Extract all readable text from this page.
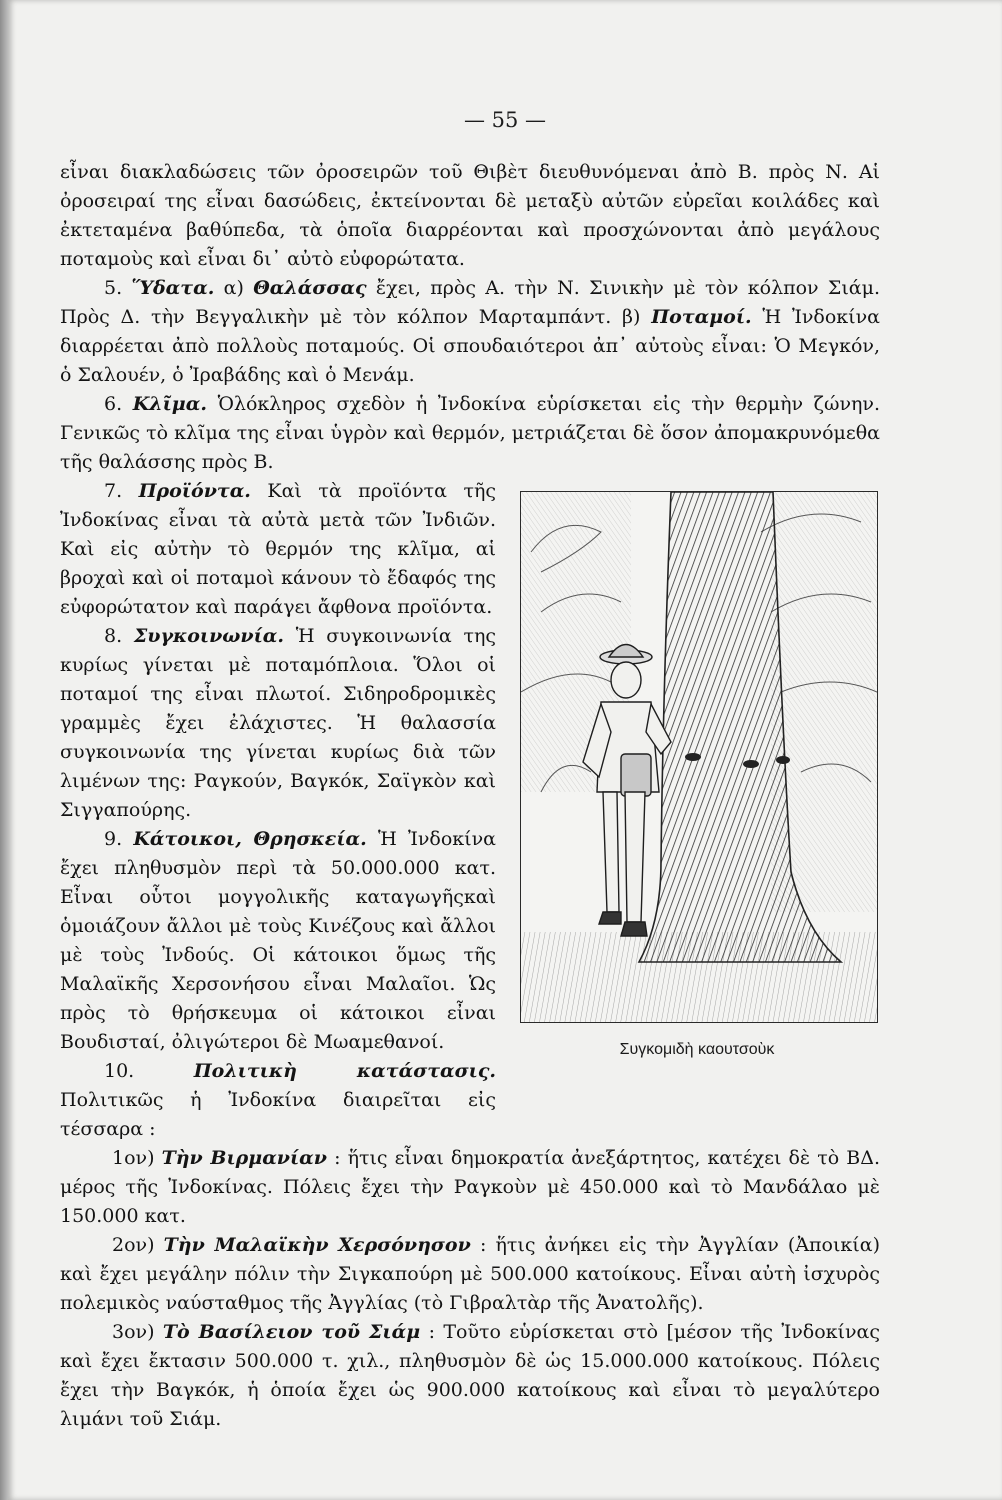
— 55 —

εἶναι διακλαδώσεις τῶν ὀροσειρῶν τοῦ Θιβὲτ διευθυνόμεναι ἀπὸ Β. πρὸς Ν. Αἱ ὀροσειραί της εἶναι δασώδεις, ἐκτείνονται δὲ μεταξὺ αὐτῶν εὐρεῖαι κοιλάδες καὶ ἐκτεταμένα βαθύπεδα, τὰ ὁποῖα διαρρέονται καὶ προσχώνονται ἀπὸ μεγάλους ποταμοὺς καὶ εἶναι δι᾽ αὐτὸ εὐφορώτατα.

5. Ὕδατα. α) Θαλάσσας ἔχει, πρὸς Α. τὴν Ν. Σινικὴν μὲ τὸν κόλπον Σιάμ. Πρὸς Δ. τὴν Βεγγαλικὴν μὲ τὸν κόλπον Μαρταμπάντ. β) Ποταμοί. Ἡ Ἰνδοκίνα διαρρέεται ἀπὸ πολλοὺς ποταμούς. Οἱ σπουδαιότεροι ἀπ᾽ αὐτοὺς εἶναι: Ὁ Μεγκόν, ὁ Σαλουέν, ὁ Ἰραβάδης καὶ ὁ Μενάμ.

6. Κλῖμα. Ὁλόκληρος σχεδὸν ἡ Ἰνδοκίνα εὑρίσκεται εἰς τὴν θερμὴν ζώνην. Γενικῶς τὸ κλῖμα της εἶναι ὑγρὸν καὶ θερμόν, μετριάζεται δὲ ὅσον ἀπομακρυνόμεθα τῆς θαλάσσης πρὸς Β.

Συγκομιδὴ καουτσοὺκ

7. Προϊόντα. Καὶ τὰ προϊόντα τῆς Ἰνδοκίνας εἶναι τὰ αὐτὰ μετὰ τῶν Ἰνδιῶν. Καὶ εἰς αὐτὴν τὸ θερμόν της κλῖμα, αἱ βροχαὶ καὶ οἱ ποταμοὶ κάνουν τὸ ἔδαφός της εὐφορώτατον καὶ παράγει ἄφθονα προϊόντα.

8. Συγκοινωνία. Ἡ συγκοινωνία της κυρίως γίνεται μὲ ποταμόπλοια. Ὅλοι οἱ ποταμοί της εἶναι πλωτοί. Σιδηροδρομικὲς γραμμὲς ἔχει ἐλάχιστες. Ἡ θαλασσία συγκοινωνία της γίνεται κυρίως διὰ τῶν λιμένων της: Ραγκούν, Βαγκόκ, Σαϊγκὸν καὶ Σιγγαπούρης.

9. Κάτοικοι, Θρησκεία. Ἡ Ἰνδοκίνα ἔχει πληθυσμὸν περὶ τὰ 50.000.000 κατ. Εἶναι οὗτοι μογγολικῆς καταγωγῆςκαὶ ὁμοιάζουν ἄλλοι μὲ τοὺς Κινέζους καὶ ἄλλοι μὲ τοὺς Ἰνδούς. Οἱ κάτοικοι ὅμως τῆς Μαλαϊκῆς Χερσονήσου εἶναι Μαλαῖοι. Ὡς πρὸς τὸ θρήσκευμα οἱ κάτοικοι εἶναι Βουδισταί, ὀλιγώτεροι δὲ Μωαμεθανοί.

10.	Πολιτικὴ κατάστασις. Πολιτικῶς ἡ Ἰνδοκίνα διαιρεῖται εἰς τέσσαρα :

1ον) Τὴν Βιρμανίαν : ἥτις εἶναι δημοκρατία ἀνεξάρτητος, κατέχει δὲ τὸ ΒΔ. μέρος τῆς Ἰνδοκίνας. Πόλεις ἔχει τὴν Ραγκοὺν μὲ 450.000 καὶ τὸ Μανδάλαο μὲ 150.000 κατ.

2ον) Τὴν Μαλαϊκὴν Χερσόνησον : ἥτις ἀνήκει εἰς τὴν Ἀγγλίαν (Ἀποικία) καὶ ἔχει μεγάλην πόλιν τὴν Σιγκαπούρη μὲ 500.000 κατοίκους. Εἶναι αὐτὴ ἰσχυρὸς πολεμικὸς ναύσταθμος τῆς Ἀγγλίας (τὸ Γιβραλτὰρ τῆς Ἀνατολῆς).

3ον) Τὸ Βασίλειον τοῦ Σιάμ : Τοῦτο εὑρίσκεται στὸ [μέσον τῆς Ἰνδοκίνας καὶ ἔχει ἔκτασιν 500.000 τ. χιλ., πληθυσμὸν δὲ ὡς 15.000.000 κατοίκους. Πόλεις ἔχει τὴν Βαγκόκ, ἡ ὁποία ἔχει ὡς 900.000 κατοίκους καὶ εἶναι τὸ μεγαλύτερο λιμάνι τοῦ Σιάμ.
